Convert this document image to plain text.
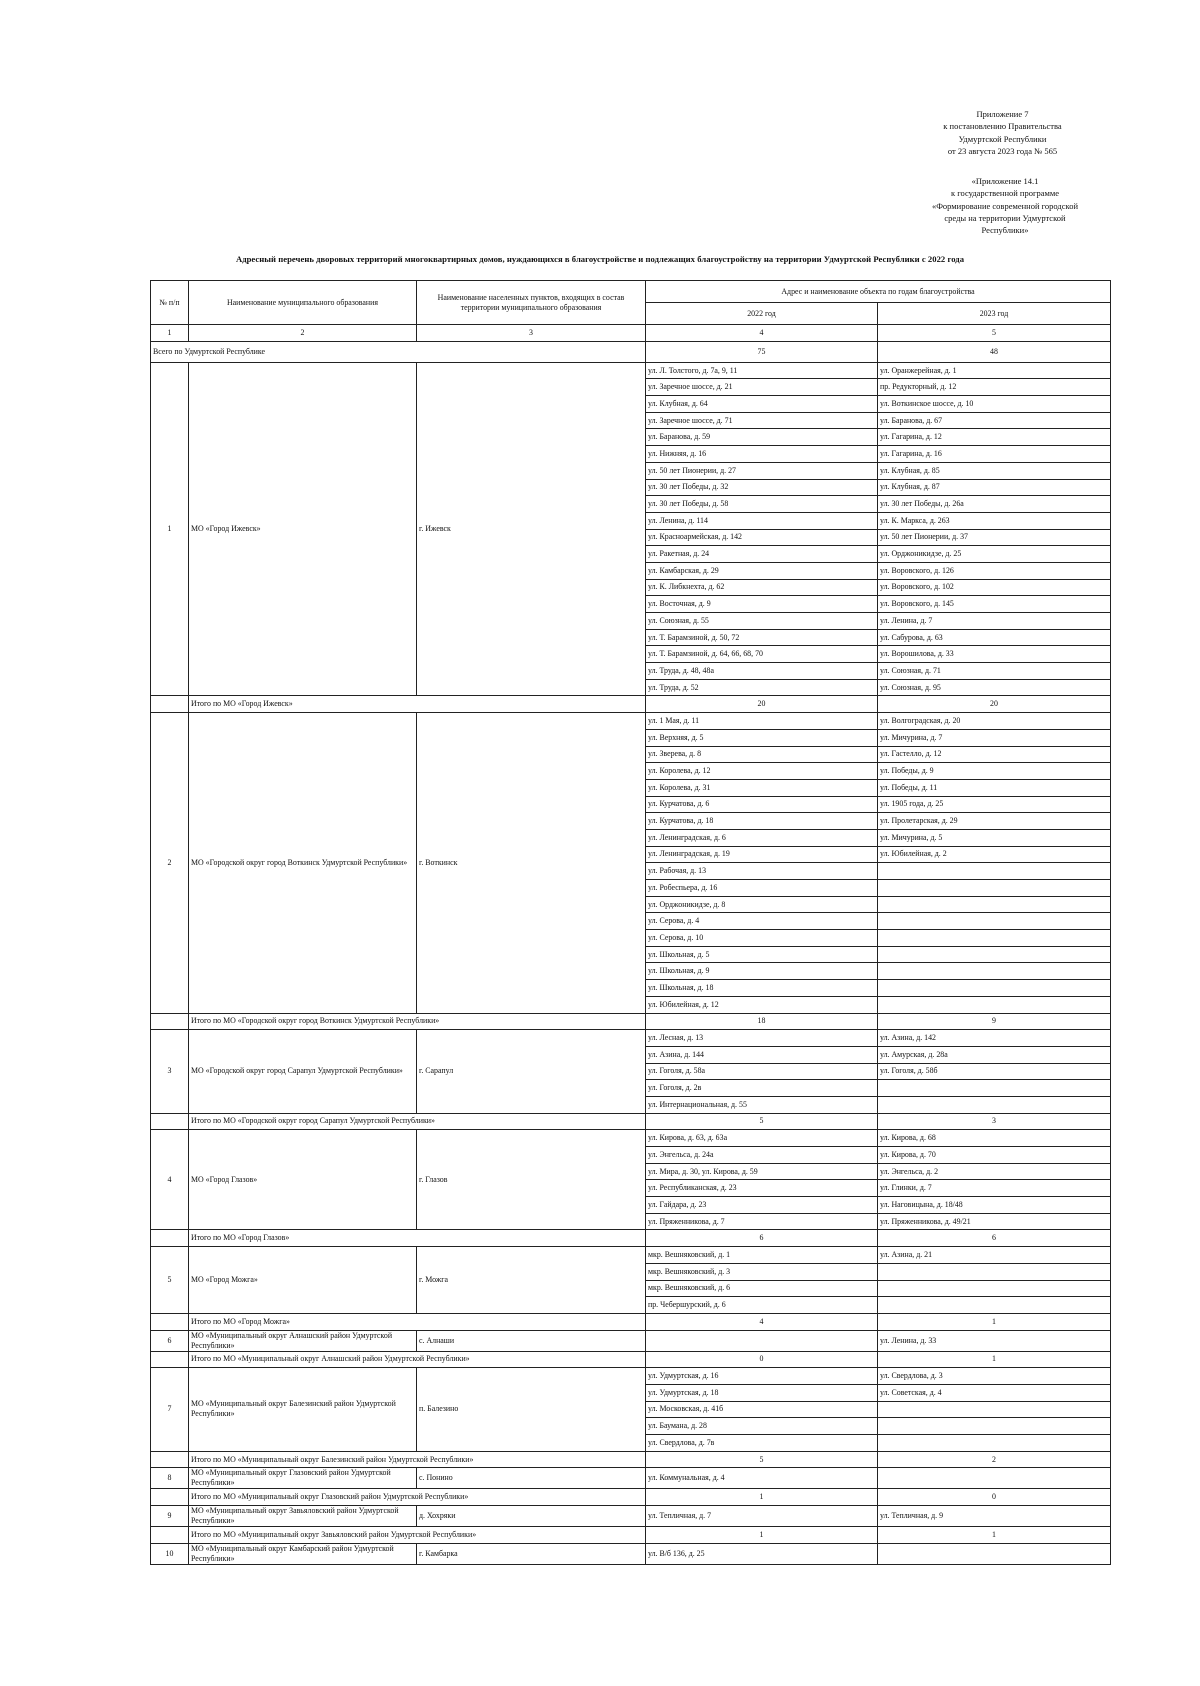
Приложение 7
к постановлению Правительства
Удмуртской Республики
от 23 августа 2023 года № 565
«Приложение 14.1
к государственной программе
«Формирование современной городской
среды на территории Удмуртской
Республики»
Адресный перечень дворовых территорий многоквартирных домов, нуждающихся в благоустройстве и подлежащих благоустройству на территории Удмуртской Республики с 2022 года
№ п/п	Наименование муниципального образования	Наименование населенных пунктов, входящих в состав территории муниципального образования	Адрес и наименование объекта по годам благоустройства	
			2022 год	2023 год
1	2	3	4	5
Всего по Удмуртской Республике			75	48
1	МО «Город Ижевск»	г. Ижевск	ул. Л. Толстого, д. 7а, 9, 11	ул. Оранжерейная, д. 1
			ул. Заречное шоссе, д. 21	пр. Редукторный, д. 12
			ул. Клубная, д. 64	ул. Воткинское шоссе, д. 10
			ул. Заречное шоссе, д. 71	ул. Баранова, д. 67
			ул. Баранова, д. 59	ул. Гагарина, д. 12
			ул. Нижняя, д. 16	ул. Гагарина, д. 16
			ул. 50 лет Пионерии, д. 27	ул. Клубная, д. 85
			ул. 30 лет Победы, д. 32	ул. Клубная, д. 87
			ул. 30 лет Победы, д. 58	ул. 30 лет Победы, д. 26а
			ул. Ленина, д. 114	ул. К. Маркса, д. 263
			ул. Красноармейская, д. 142	ул. 50 лет Пионерии, д. 37
			ул. Ракетная, д. 24	ул. Орджоникидзе, д. 25
			ул. Камбарская, д. 29	ул. Воровского, д. 126
			ул. К. Либкнехта, д. 62	ул. Воровского, д. 102
			ул. Восточная, д. 9	ул. Воровского, д. 145
			ул. Союзная, д. 55	ул. Ленина, д. 7
			ул. Т. Барамзиной, д. 50, 72	ул. Сабурова, д. 63
			ул. Т. Барамзиной, д. 64, 66, 68, 70	ул. Ворошилова, д. 33
			ул. Труда, д. 48, 48а	ул. Союзная, д. 71
			ул. Труда, д. 52	ул. Союзная, д. 95
	Итого по МО «Город Ижевск»		20	20
2	МО «Городской округ город Воткинск Удмуртской Республики»	г. Воткинск	ул. 1 Мая, д. 11	ул. Волгоградская, д. 20
			ул. Верхняя, д. 5	ул. Мичурина, д. 7
			ул. Зверева, д. 8	ул. Гастелло, д. 12
			ул. Королева, д. 12	ул. Победы, д. 9
			ул. Королева, д. 31	ул. Победы, д. 11
			ул. Курчатова, д. 6	ул. 1905 года, д. 25
			ул. Курчатова, д. 18	ул. Пролетарская, д. 29
			ул. Ленинградская, д. 6	ул. Мичурина, д. 5
			ул. Ленинградская, д. 19	ул. Юбилейная, д. 2
			ул. Рабочая, д. 13	
			ул. Робеспьера, д. 16	
			ул. Орджоникидзе, д. 8	
			ул. Серова, д. 4	
			ул. Серова, д. 10	
			ул. Школьная, д. 5	
			ул. Школьная, д. 9	
			ул. Школьная, д. 18	
			ул. Юбилейная, д. 12	
	Итого по МО «Городской округ город Воткинск Удмуртской Республики»		18	9
3	МО «Городской округ город Сарапул Удмуртской Республики»	г. Сарапул	ул. Лесная, д. 13	ул. Азина, д. 142
			ул. Азина, д. 144	ул. Амурская, д. 28а
			ул. Гоголя, д. 58а	ул. Гоголя, д. 58б
			ул. Гоголя, д. 2в	
			ул. Интернациональная, д. 55	
	Итого по МО «Городской округ город Сарапул Удмуртской Республики»		5	3
4	МО «Город Глазов»	г. Глазов	ул. Кирова, д. 63, д. 63а	ул. Кирова, д. 68
			ул. Энгельса, д. 24а	ул. Кирова, д. 70
			ул. Мира, д. 30, ул. Кирова, д. 59	ул. Энгельса, д. 2
			ул. Республиканская, д. 23	ул. Глинки, д. 7
			ул. Гайдара, д. 23	ул. Наговицына, д. 18/48
			ул. Пряженникова, д. 7	ул. Пряженникова, д. 49/21
	Итого по МО «Город Глазов»		6	6
5	МО «Город Можга»	г. Можга	мкр. Вешняковский, д. 1	ул. Азина, д. 21
			мкр. Вешняковский, д. 3	
			мкр. Вешняковский, д. 6	
			пр. Чебершурский, д. 6	
	Итого по МО «Город Можга»		4	1
6	МО «Муниципальный округ Алнашский район Удмуртской Республики»	с. Алнаши		ул. Ленина, д. 33
	Итого по МО «Муниципальный округ Алнашский район Удмуртской Республики»		0	1
7	МО «Муниципальный округ Балезинский район Удмуртской Республики»	п. Балезино	ул. Удмуртская, д. 16	ул. Свердлова, д. 3
			ул. Удмуртская, д. 18	ул. Советская, д. 4
			ул. Московская, д. 41б	
			ул. Баумана, д. 28	
			ул. Свердлова, д. 7в	
	Итого по МО «Муниципальный округ Балезинский район Удмуртской Республики»		5	2
8	МО «Муниципальный округ Глазовский район Удмуртской Республики»	с. Понино	ул. Коммунальная, д. 4	
	Итого по МО «Муниципальный округ Глазовский район Удмуртской Республики»		1	0
9	МО «Муниципальный округ Завьяловский район Удмуртской Республики»	д. Хохряки	ул. Тепличная, д. 7	ул. Тепличная, д. 9
	Итого по МО «Муниципальный округ Завьяловский район Удмуртской Республики»		1	1
10	МО «Муниципальный округ Камбарский район Удмуртской Республики»	г. Камбарка	ул. В/б 136, д. 25	
